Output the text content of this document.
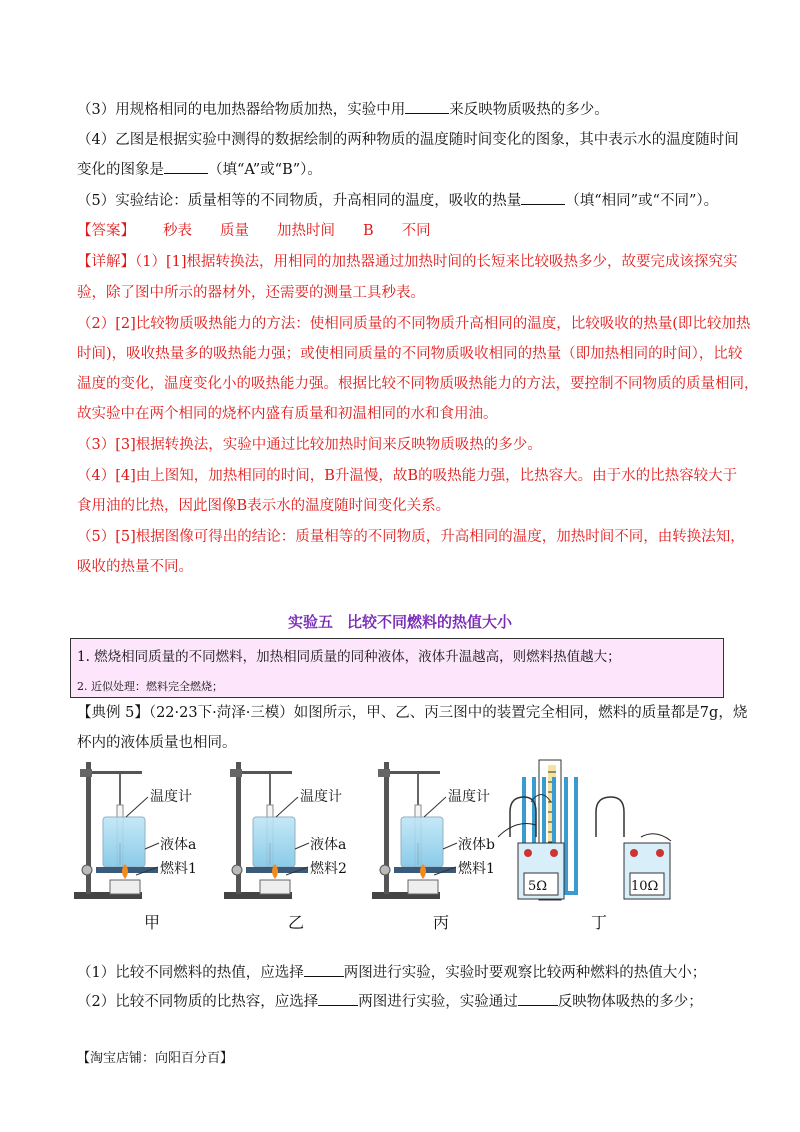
（3）用规格相同的电加热器给物质加热，实验中用	来反映物质吸热的多少。
（4）乙图是根据实验中测得的数据绘制的两种物质的温度随时间变化的图象，其中表示水的温度随时间
变化的图象是	（填“A”或“B”）。
（5）实验结论：质量相等的不同物质，升高相同的温度，吸收的热量	（填“相同”或“不同”）。
【答案】 秒表 质量 加热时间 B 不同
【详解】（1）[1]根据转换法，用相同的加热器通过加热时间的长短来比较吸热多少，故要完成该探究实
验，除了图中所示的器材外，还需要的测量工具秒表。
（2）[2]比较物质吸热能力的方法：使相同质量的不同物质升高相同的温度，比较吸收的热量(即比较加热
时间)，吸收热量多的吸热能力强；或使相同质量的不同物质吸收相同的热量（即加热相同的时间），比较
温度的变化，温度变化小的吸热能力强。根据比较不同物质吸热能力的方法，要控制不同物质的质量相同，
故实验中在两个相同的烧杯内盛有质量和初温相同的水和食用油。
（3）[3]根据转换法，实验中通过比较加热时间来反映物质吸热的多少。
（4）[4]由上图知，加热相同的时间，B升温慢，故B的吸热能力强，比热容大。由于水的比热容较大于
食用油的比热，因此图像B表示水的温度随时间变化关系。
（5）[5]根据图像可得出的结论：质量相等的不同物质，升高相同的温度，加热时间不同，由转换法知，
吸收的热量不同。
实验五 比较不同燃料的热值大小
1. 燃烧相同质量的不同燃料，加热相同质量的同种液体，液体升温越高，则燃料热值越大；
2. 近似处理：燃料完全燃烧；
【典例 5】（22·23下·菏泽·三模）如图所示，甲、乙、丙三图中的装置完全相同，燃料的质量都是7g，烧
杯内的液体质量也相同。
温度计
液体a
燃料1
温度计
液体a
燃料2
温度计
液体b
燃料1
5Ω	10Ω
甲	乙	丙	丁
（1）比较不同燃料的热值，应选择	两图进行实验，实验时要观察比较两种燃料的热值大小；
（2）比较不同物质的比热容，应选择	两图进行实验，实验通过	反映物体吸热的多少；
【淘宝店铺：向阳百分百】
